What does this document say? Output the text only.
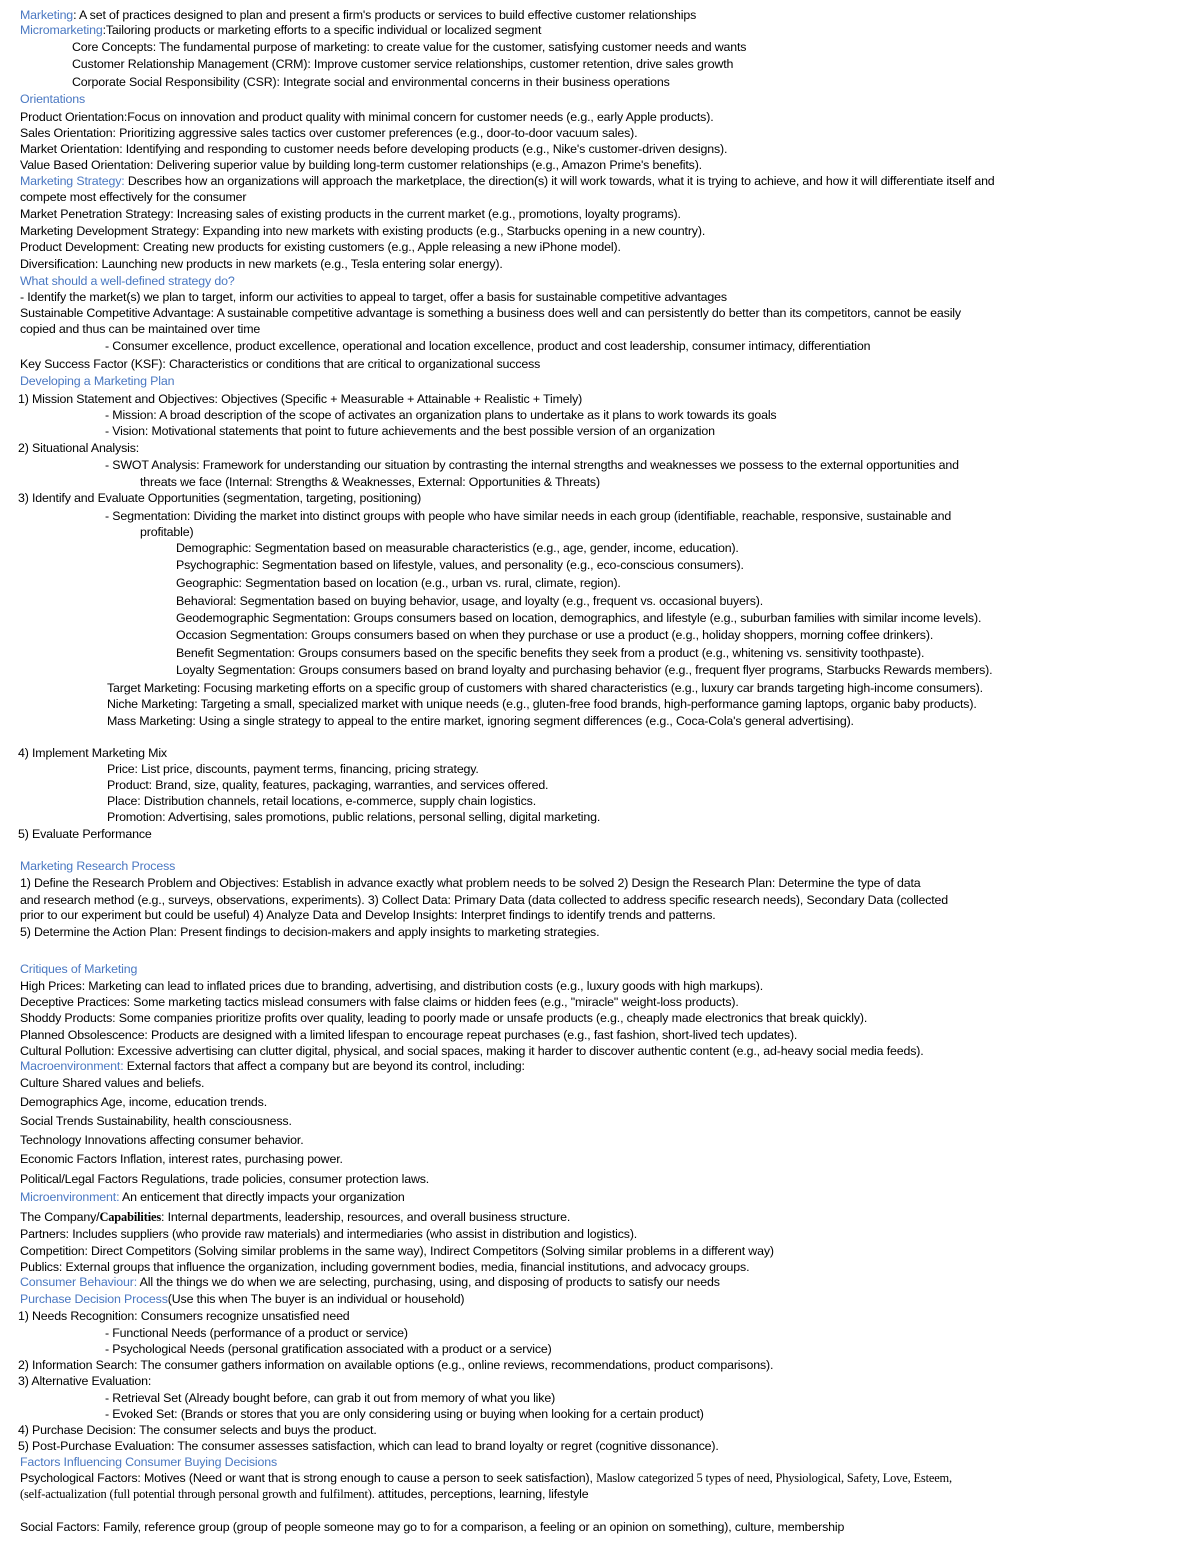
Marketing: A set of practices designed to plan and present a firm's products or services to build effective customer relationships
Micromarketing:Tailoring products or marketing efforts to a specific individual or localized segment
Core Concepts: The fundamental purpose of marketing: to create value for the customer, satisfying customer needs and wants
Customer Relationship Management (CRM): Improve customer service relationships, customer retention, drive sales growth
Corporate Social Responsibility (CSR): Integrate social and environmental concerns in their business operations
Orientations
Product Orientation:Focus on innovation and product quality with minimal concern for customer needs (e.g., early Apple products).
Sales Orientation: Prioritizing aggressive sales tactics over customer preferences (e.g., door-to-door vacuum sales).
Market Orientation: Identifying and responding to customer needs before developing products (e.g., Nike's customer-driven designs).
Value Based Orientation: Delivering superior value by building long-term customer relationships (e.g., Amazon Prime's benefits).
Marketing Strategy: Describes how an organizations will approach the marketplace, the direction(s) it will work towards, what it is trying to achieve, and how it will differentiate itself and
compete most effectively for the consumer
Market Penetration Strategy: Increasing sales of existing products in the current market (e.g., promotions, loyalty programs).
Marketing Development Strategy: Expanding into new markets with existing products (e.g., Starbucks opening in a new country).
Product Development: Creating new products for existing customers (e.g., Apple releasing a new iPhone model).
Diversification: Launching new products in new markets (e.g., Tesla entering solar energy).
What should a well-defined strategy do?
- Identify the market(s) we plan to target, inform our activities to appeal to target, offer a basis for sustainable competitive advantages
Sustainable Competitive Advantage: A sustainable competitive advantage is something a business does well and can persistently do better than its competitors, cannot be easily
copied and thus can be maintained over time
- Consumer excellence, product excellence, operational and location excellence, product and cost leadership, consumer intimacy, differentiation
Key Success Factor (KSF): Characteristics or conditions that are critical to organizational success
Developing a Marketing Plan
1) Mission Statement and Objectives: Objectives (Specific + Measurable + Attainable + Realistic + Timely)
- Mission: A broad description of the scope of activates an organization plans to undertake as it plans to work towards its goals
- Vision: Motivational statements that point to future achievements and the best possible version of an organization
2) Situational Analysis:
- SWOT Analysis: Framework for understanding our situation by contrasting the internal strengths and weaknesses we possess to the external opportunities and
threats we face (Internal: Strengths & Weaknesses, External: Opportunities & Threats)
3) Identify and Evaluate Opportunities (segmentation, targeting, positioning)
- Segmentation: Dividing the market into distinct groups with people who have similar needs in each group (identifiable, reachable, responsive, sustainable and
profitable)
Demographic: Segmentation based on measurable characteristics (e.g., age, gender, income, education).
Psychographic: Segmentation based on lifestyle, values, and personality (e.g., eco-conscious consumers).
Geographic: Segmentation based on location (e.g., urban vs. rural, climate, region).
Behavioral: Segmentation based on buying behavior, usage, and loyalty (e.g., frequent vs. occasional buyers).
Geodemographic Segmentation: Groups consumers based on location, demographics, and lifestyle (e.g., suburban families with similar income levels).
Occasion Segmentation: Groups consumers based on when they purchase or use a product (e.g., holiday shoppers, morning coffee drinkers).
Benefit Segmentation: Groups consumers based on the specific benefits they seek from a product (e.g., whitening vs. sensitivity toothpaste).
Loyalty Segmentation: Groups consumers based on brand loyalty and purchasing behavior (e.g., frequent flyer programs, Starbucks Rewards members).
Target Marketing: Focusing marketing efforts on a specific group of customers with shared characteristics (e.g., luxury car brands targeting high-income consumers).
Niche Marketing: Targeting a small, specialized market with unique needs (e.g., gluten-free food brands, high-performance gaming laptops, organic baby products).
Mass Marketing: Using a single strategy to appeal to the entire market, ignoring segment differences (e.g., Coca-Cola's general advertising).
4) Implement Marketing Mix
Price: List price, discounts, payment terms, financing, pricing strategy.
Product: Brand, size, quality, features, packaging, warranties, and services offered.
Place: Distribution channels, retail locations, e-commerce, supply chain logistics.
Promotion: Advertising, sales promotions, public relations, personal selling, digital marketing.
5) Evaluate Performance
Marketing Research Process
1) Define the Research Problem and Objectives: Establish in advance exactly what problem needs to be solved 2) Design the Research Plan: Determine the type of data
and research method (e.g., surveys, observations, experiments). 3) Collect Data: Primary Data (data collected to address specific research needs), Secondary Data (collected
prior to our experiment but could be useful) 4) Analyze Data and Develop Insights: Interpret findings to identify trends and patterns.
5) Determine the Action Plan: Present findings to decision-makers and apply insights to marketing strategies.
Critiques of Marketing
High Prices: Marketing can lead to inflated prices due to branding, advertising, and distribution costs (e.g., luxury goods with high markups).
Deceptive Practices: Some marketing tactics mislead consumers with false claims or hidden fees (e.g., "miracle" weight-loss products).
Shoddy Products: Some companies prioritize profits over quality, leading to poorly made or unsafe products (e.g., cheaply made electronics that break quickly).
Planned Obsolescence: Products are designed with a limited lifespan to encourage repeat purchases (e.g., fast fashion, short-lived tech updates).
Cultural Pollution: Excessive advertising can clutter digital, physical, and social spaces, making it harder to discover authentic content (e.g., ad-heavy social media feeds).
Macroenvironment: External factors that affect a company but are beyond its control, including:
Culture Shared values and beliefs.
Demographics Age, income, education trends.
Social Trends Sustainability, health consciousness.
Technology Innovations affecting consumer behavior.
Economic Factors Inflation, interest rates, purchasing power.
Political/Legal Factors Regulations, trade policies, consumer protection laws.
Microenvironment: An enticement that directly impacts your organization
The Company/Capabilities: Internal departments, leadership, resources, and overall business structure.
Partners: Includes suppliers (who provide raw materials) and intermediaries (who assist in distribution and logistics).
Competition: Direct Competitors (Solving similar problems in the same way), Indirect Competitors (Solving similar problems in a different way)
Publics: External groups that influence the organization, including government bodies, media, financial institutions, and advocacy groups.
Consumer Behaviour: All the things we do when we are selecting, purchasing, using, and disposing of products to satisfy our needs
Purchase Decision Process(Use this when The buyer is an individual or household)
1) Needs Recognition: Consumers recognize unsatisfied need
- Functional Needs (performance of a product or service)
- Psychological Needs (personal gratification associated with a product or a service)
2) Information Search: The consumer gathers information on available options (e.g., online reviews, recommendations, product comparisons).
3) Alternative Evaluation:
- Retrieval Set (Already bought before, can grab it out from memory of what you like)
- Evoked Set: (Brands or stores that you are only considering using or buying when looking for a certain product)
4) Purchase Decision: The consumer selects and buys the product.
5) Post-Purchase Evaluation: The consumer assesses satisfaction, which can lead to brand loyalty or regret (cognitive dissonance).
Factors Influencing Consumer Buying Decisions
Psychological Factors: Motives (Need or want that is strong enough to cause a person to seek satisfaction), Maslow categorized 5 types of need, Physiological, Safety, Love, Esteem,
(self-actualization (full potential through personal growth and fulfilment). attitudes, perceptions, learning, lifestyle
Social Factors: Family, reference group (group of people someone may go to for a comparison, a feeling or an opinion on something), culture, membership
